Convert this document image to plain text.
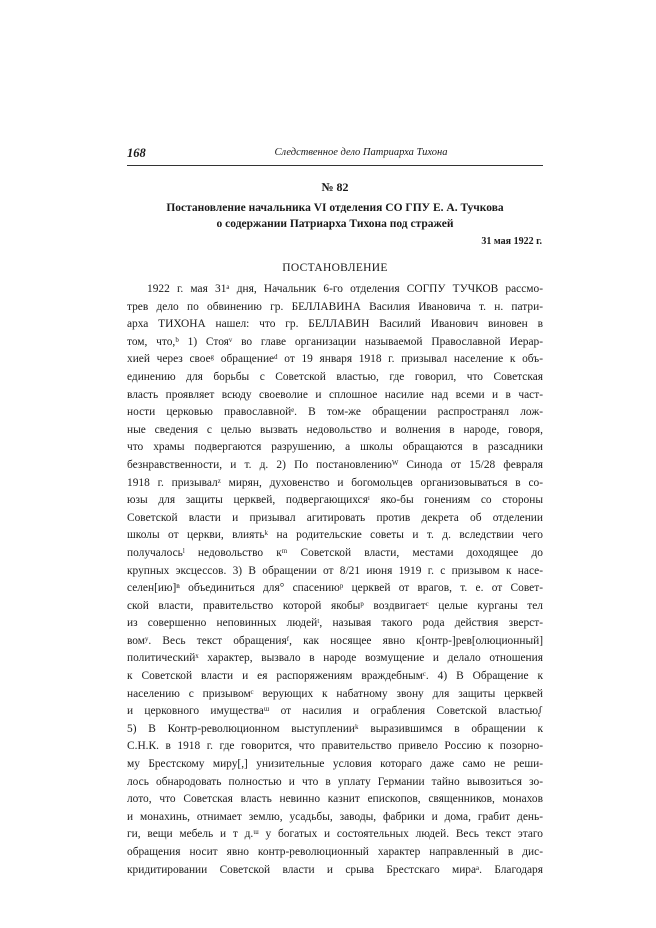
168	Следственное дело Патриарха Тихона
№ 82
Постановление начальника VI отделения СО ГПУ Е. А. Тучкова
о содержании Патриарха Тихона под стражей
31 мая 1922 г.
ПОСТАНОВЛЕНИЕ
1922 г. мая 31ᵃ дня, Начальник 6-го отделения СОГПУ ТУЧКОВ рассмо-
трев дело по обвинению гр. БЕЛЛАВИНА Василия Ивановича т. н. патри-
арха ТИХОНА нашел: что гр. БЕЛЛАВИН Василий Иванович виновен в
том, что,ᵇ 1) Стояᵛ во главе организации называемой Православной Иерар-
хией через своеᵍ обращениеᵈ от 19 января 1918 г. призывал население к объ-
единению для борьбы с Советской властью, где говорил, что Советская
власть проявляет всюду своеволие и сплошное насилие над всеми и в част-
ности церковью православнойᵉ. В том-же обращении распространял лож-
ные сведения с целью вызвать недовольство и волнения в народе, говоря,
что храмы подвергаются разрушению, а школы обращаются в разсадники
безнравственности, и т. д. 2) По постановлениюᵂ Синода от 15/28 февраля
1918 г. призывалᶻ мирян, духовенство и богомольцев организовываться в со-
юзы для защиты церквей, подвергающихсяᶦ яко-бы гонениям со стороны
Советской власти и призывал агитировать против декрета об отделении
школы от церкви, влиятьᵏ на родительские советы и т. д. вследствии чего
получалосьˡ недовольство кᵐ Советской власти, местами доходящее до
крупных эксцессов. 3) В обращении от 8/21 июня 1919 г. с призывом к насе-
селен[ию]ⁿ объединиться для° спасениюᵖ церквей от врагов, т. е. от Совет-
ской власти, правительство которой якобыᵖ воздвигаетᶜ целые курганы тел
из совершенно неповинных людейᵗ, называя такого рода действия зверст-
вомʸ. Весь текст обращенияᶠ, как носящее явно к[онтр-]рев[олюционный]
политическийˣ характер, вызвало в народе возмущение и делало отношения
к Советской власти и ея распоряжениям враждебнымᶜ. 4) В Обращение к
населению с призывомᶜ верующих к набатному звону для защиты церквей
и церковного имуществаᵚ от насилия и ограбления Советской властьюᶘ
5) В Контр-революционном выступленииᵏ выразившимся в обращении к
С.Н.К. в 1918 г. где говорится, что правительство привело Россию к позорно-
му Брестскому миру[,] унизительные условия котораго даже само не реши-
лось обнародовать полностью и что в уплату Германии тайно вывозиться зо-
лото, что Советская власть невинно казнит епископов, священников, монахов
и монахинь, отнимает землю, усадьбы, заводы, фабрики и дома, грабит день-
ги, вещи мебель и т д.ᵚ у богатых и состоятельных людей. Весь текст этаго
обращения носит явно контр-революционный характер направленный в дис-
кридитировании Советской власти и срыва Брестскаго мираᵃ. Благодаря
